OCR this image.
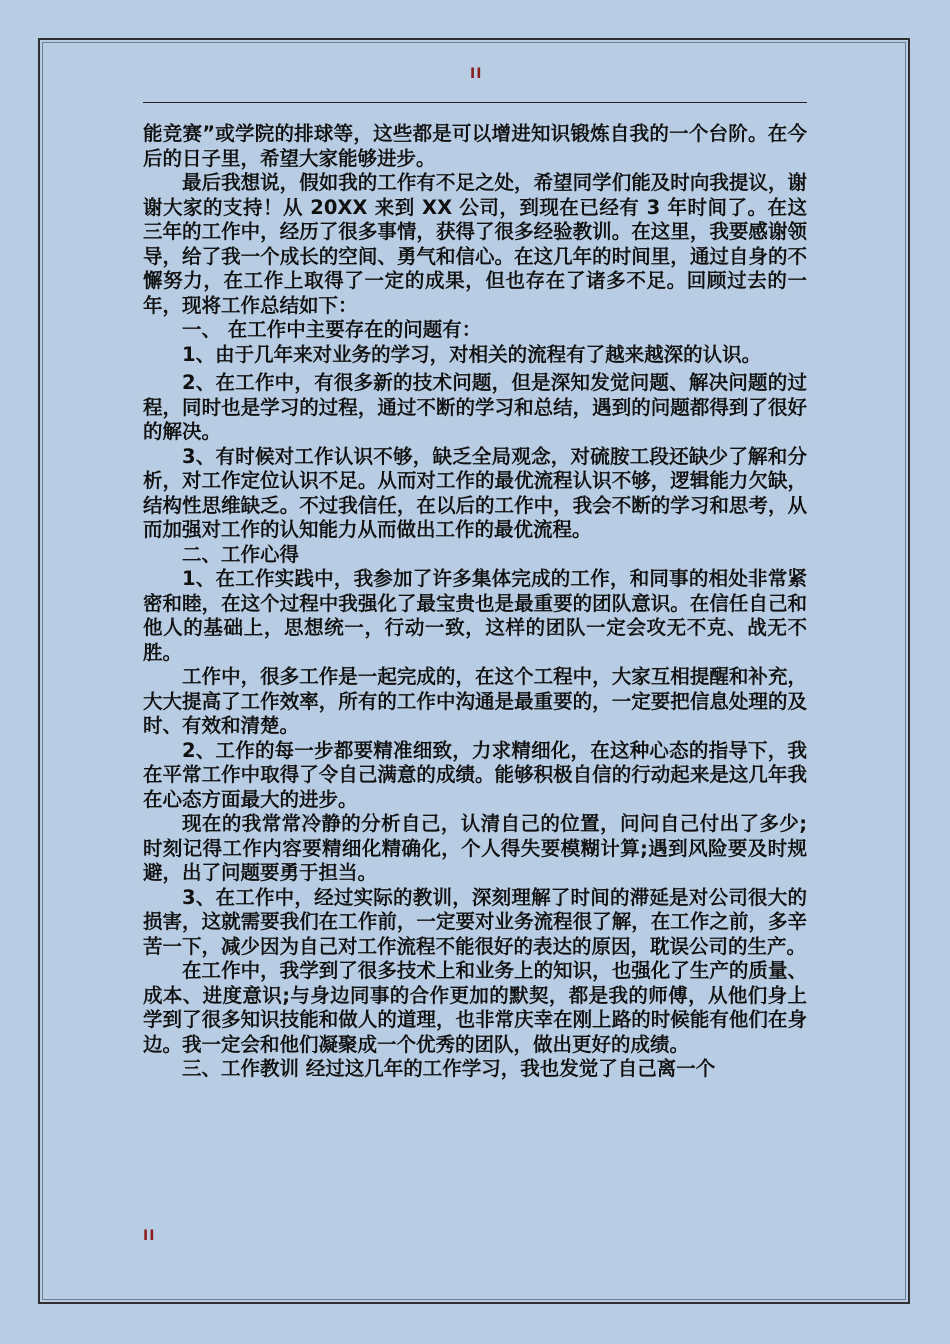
II

能竞赛”或学院的排球等，这些都是可以增进知识锻炼自我的一个台阶。在今后的日子里，希望大家能够进步。

最后我想说，假如我的工作有不足之处，希望同学们能及时向我提议，谢谢大家的支持！从 20XX 来到 XX 公司，到现在已经有 3 年时间了。在这三年的工作中，经历了很多事情，获得了很多经验教训。在这里，我要感谢领导，给了我一个成长的空间、勇气和信心。在这几年的时间里，通过自身的不懈努力，在工作上取得了一定的成果，但也存在了诸多不足。回顾过去的一年，现将工作总结如下：

一、 在工作中主要存在的问题有：

1、由于几年来对业务的学习，对相关的流程有了越来越深的认识。

2、在工作中，有很多新的技术问题，但是深知发觉问题、解决问题的过程，同时也是学习的过程，通过不断的学习和总结，遇到的问题都得到了很好的解决。

3、有时候对工作认识不够，缺乏全局观念，对硫胺工段还缺少了解和分析，对工作定位认识不足。从而对工作的最优流程认识不够，逻辑能力欠缺，结构性思维缺乏。不过我信任，在以后的工作中，我会不断的学习和思考，从而加强对工作的认知能力从而做出工作的最优流程。

二、工作心得

1、在工作实践中，我参加了许多集体完成的工作，和同事的相处非常紧密和睦，在这个过程中我强化了最宝贵也是最重要的团队意识。在信任自己和他人的基础上，思想统一，行动一致，这样的团队一定会攻无不克、战无不胜。

工作中，很多工作是一起完成的，在这个工程中，大家互相提醒和补充，大大提高了工作效率，所有的工作中沟通是最重要的，一定要把信息处理的及时、有效和清楚。

2、工作的每一步都要精准细致，力求精细化，在这种心态的指导下，我在平常工作中取得了令自己满意的成绩。能够积极自信的行动起来是这几年我在心态方面最大的进步。

现在的我常常冷静的分析自己，认清自己的位置，问问自己付出了多少;时刻记得工作内容要精细化精确化，个人得失要模糊计算;遇到风险要及时规避，出了问题要勇于担当。

3、在工作中，经过实际的教训，深刻理解了时间的滞延是对公司很大的损害，这就需要我们在工作前，一定要对业务流程很了解，在工作之前，多辛苦一下，减少因为自己对工作流程不能很好的表达的原因，耽误公司的生产。

在工作中，我学到了很多技术上和业务上的知识，也强化了生产的质量、成本、进度意识;与身边同事的合作更加的默契，都是我的师傅，从他们身上学到了很多知识技能和做人的道理，也非常庆幸在刚上路的时候能有他们在身边。我一定会和他们凝聚成一个优秀的团队，做出更好的成绩。

三、工作教训 经过这几年的工作学习，我也发觉了自己离一个

II
